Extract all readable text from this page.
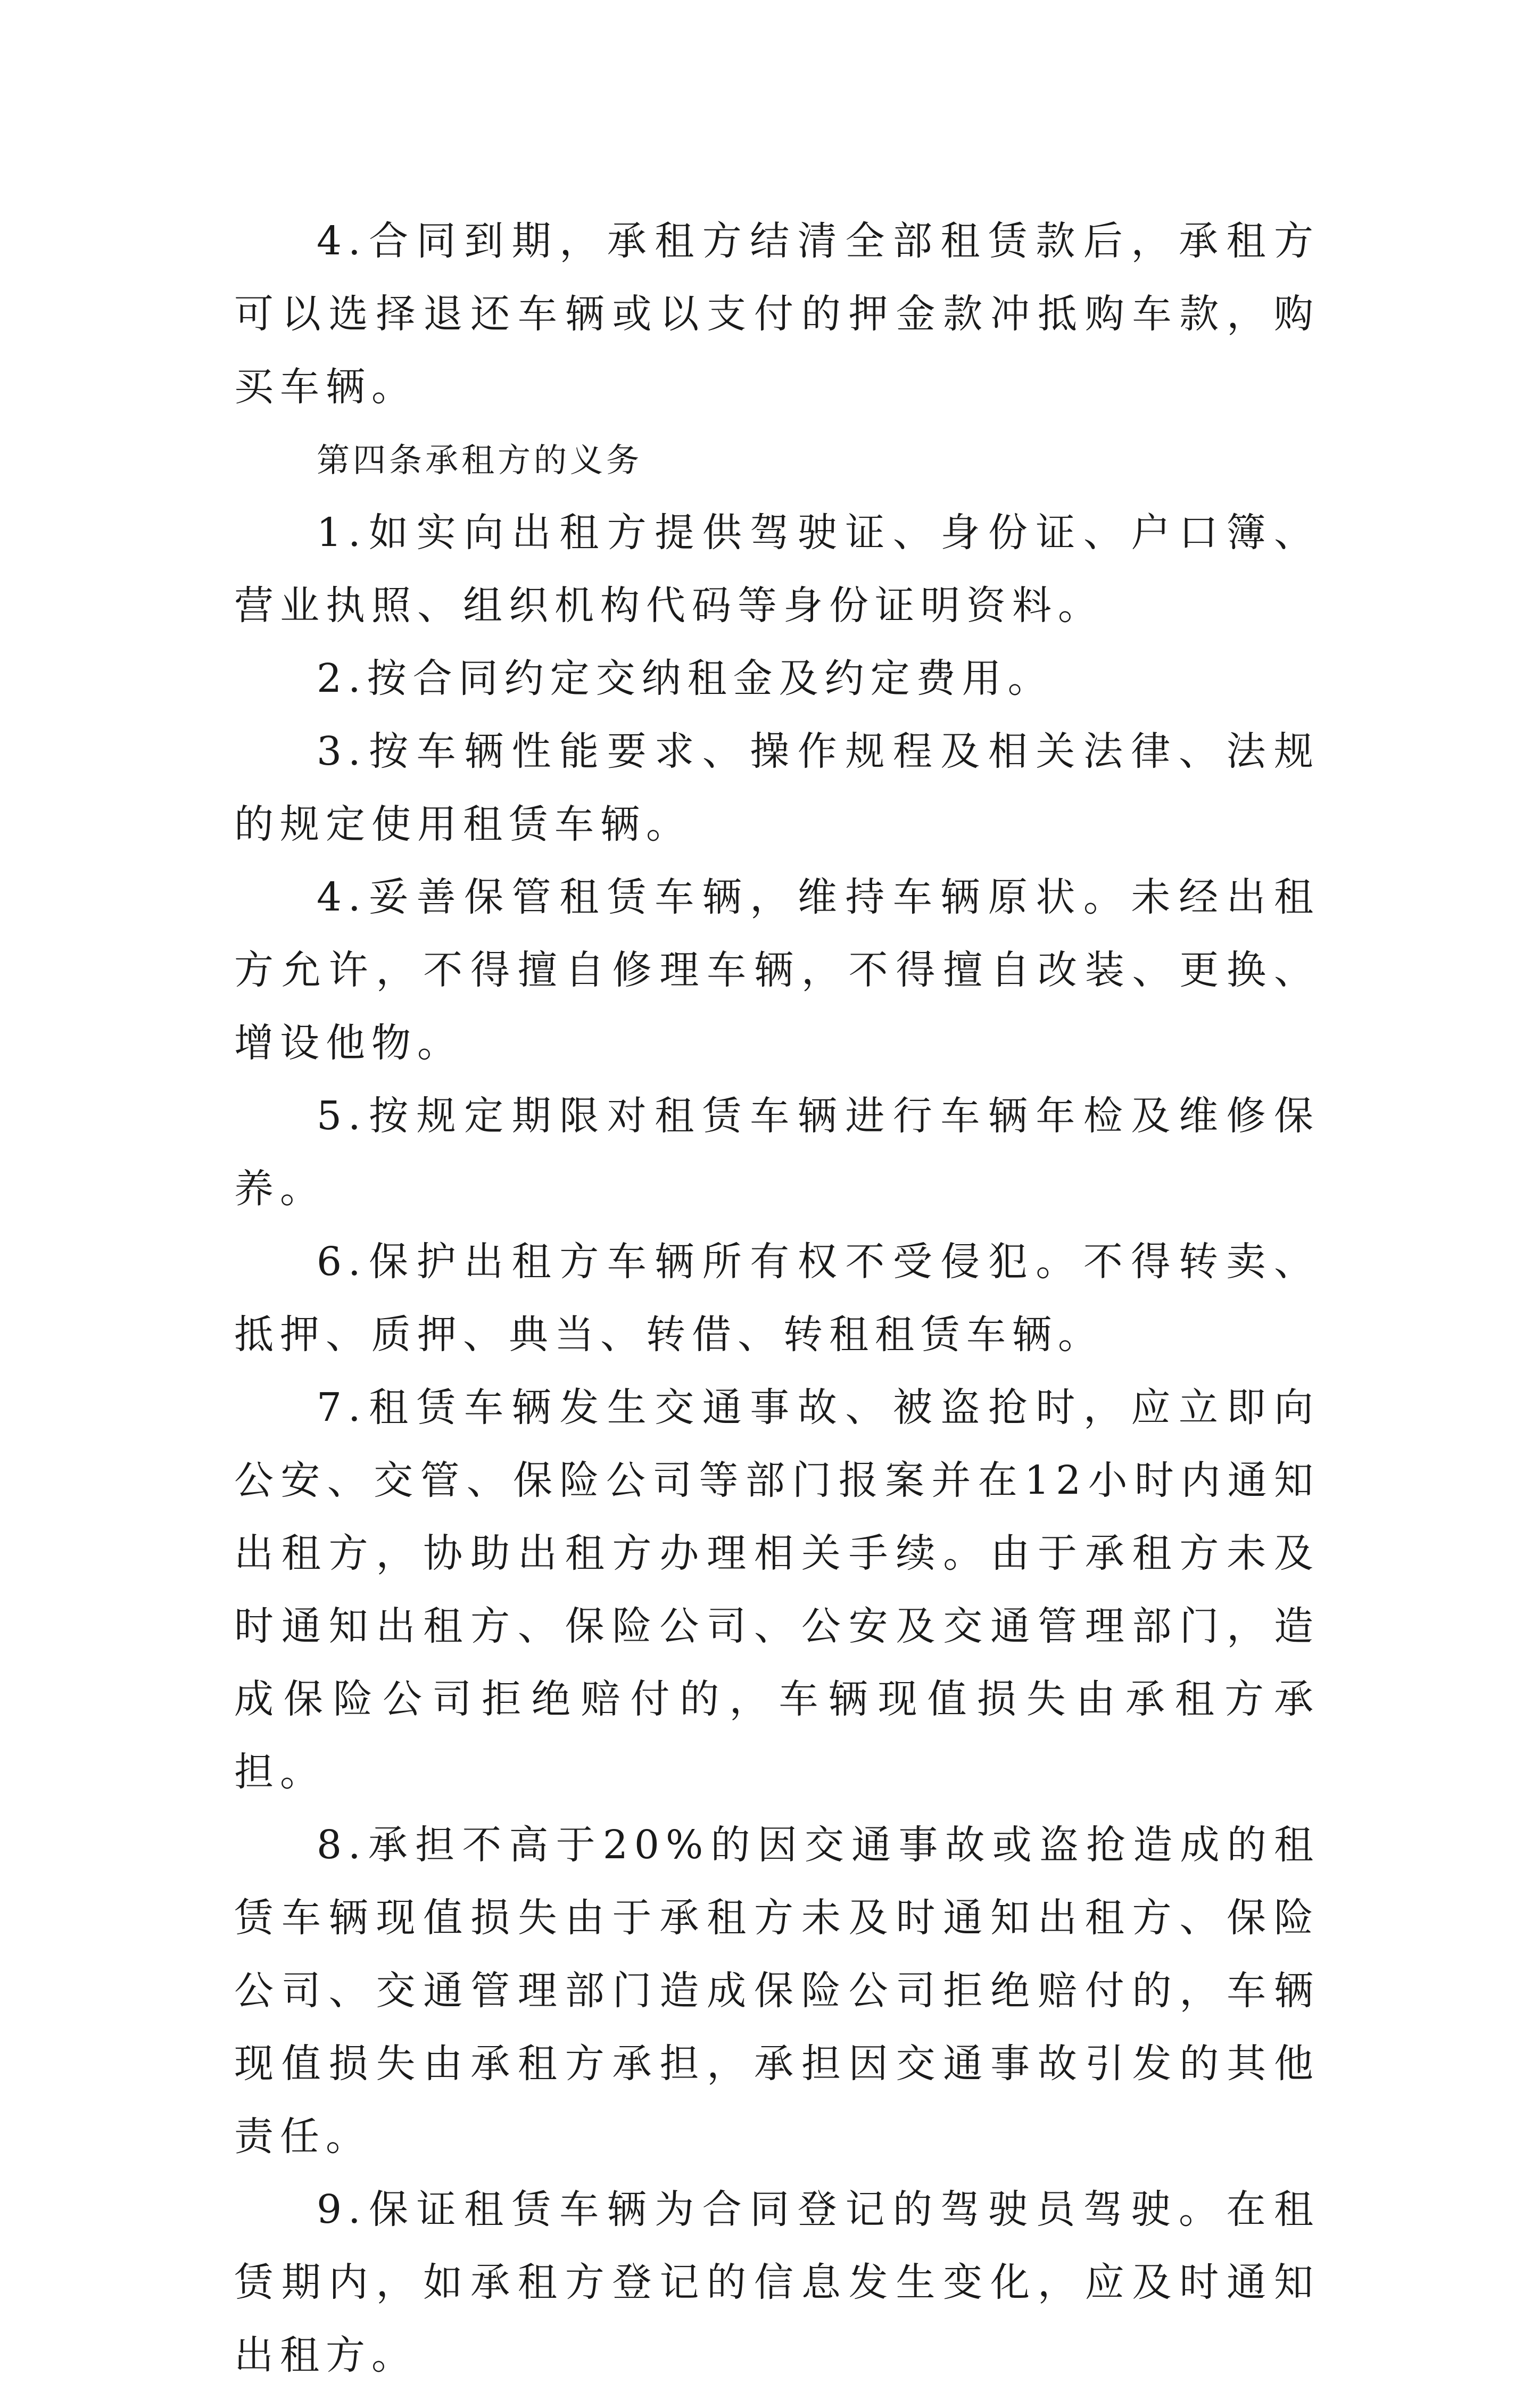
4.合同到期，承租方结清全部租赁款后，承租方可以选择退还车辆或以支付的押金款冲抵购车款，购买车辆。

第四条承租方的义务

1.如实向出租方提供驾驶证、身份证、户口簿、营业执照、组织机构代码等身份证明资料。

2.按合同约定交纳租金及约定费用。

3.按车辆性能要求、操作规程及相关法律、法规的规定使用租赁车辆。

4.妥善保管租赁车辆，维持车辆原状。未经出租方允许，不得擅自修理车辆，不得擅自改装、更换、增设他物。

5.按规定期限对租赁车辆进行车辆年检及维修保养。

6.保护出租方车辆所有权不受侵犯。不得转卖、抵押、质押、典当、转借、转租租赁车辆。

7.租赁车辆发生交通事故、被盗抢时，应立即向公安、交管、保险公司等部门报案并在12小时内通知出租方，协助出租方办理相关手续。由于承租方未及时通知出租方、保险公司、公安及交通管理部门，造成保险公司拒绝赔付的，车辆现值损失由承租方承担。

8.承担不高于20%的因交通事故或盗抢造成的租赁车辆现值损失由于承租方未及时通知出租方、保险公司、交通管理部门造成保险公司拒绝赔付的，车辆现值损失由承租方承担，承担因交通事故引发的其他责任。

9.保证租赁车辆为合同登记的驾驶员驾驶。在租赁期内，如承租方登记的信息发生变化，应及时通知出租方。
